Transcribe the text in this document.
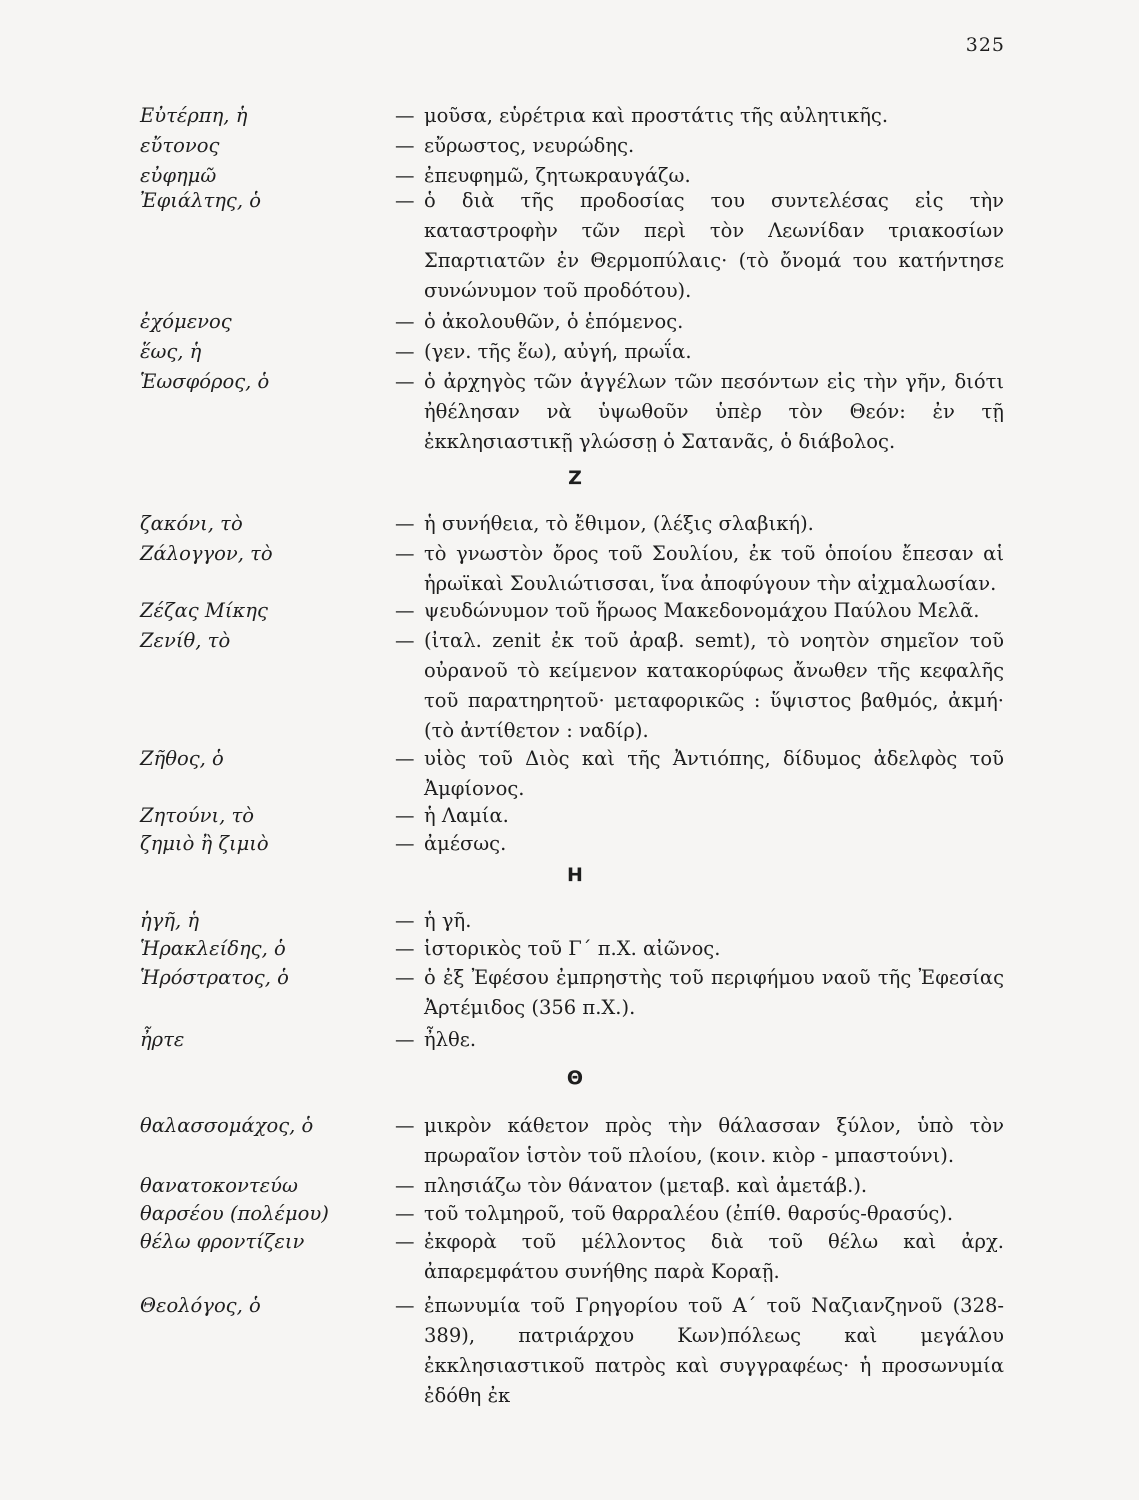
325
Εὐτέρπη, ἡ	— μοῦσα, εὑρέτρια καὶ προστάτις τῆς αὐλητικῆς.
εὔτονος	— εὔρωστος, νευρώδης.
εὐφημῶ	— ἐπευφημῶ, ζητωκραυγάζω.
Ἐφιάλτης, ὁ	— ὁ διὰ τῆς προδοσίας του συντελέσας εἰς τὴν καταστροφὴν τῶν περὶ τὸν Λεωνίδαν τριακοσίων Σπαρτιατῶν ἐν Θερμοπύλαις· (τὸ ὄνομά του κατήντησε συνώνυμον τοῦ προδότου).
ἐχόμενος	— ὁ ἀκολουθῶν, ὁ ἑπόμενος.
ἕως, ἡ	— (γεν. τῆς ἕω), αὐγή, πρωΐα.
Ἑωσφόρος, ὁ	— ὁ ἀρχηγὸς τῶν ἀγγέλων τῶν πεσόντων εἰς τὴν γῆν, διότι ἠθέλησαν νὰ ὑψωθοῦν ὑπὲρ τὸν Θεόν: ἐν τῇ ἐκκλησιαστικῇ γλώσσῃ ὁ Σατανᾶς, ὁ διάβολος.
Ζ
ζακόνι, τὸ	— ἡ συνήθεια, τὸ ἔθιμον, (λέξις σλαβική).
Ζάλογγον, τὸ	— τὸ γνωστὸν ὄρος τοῦ Σουλίου, ἐκ τοῦ ὁποίου ἔπεσαν αἱ ἡρωϊκαὶ Σουλιώτισσαι, ἵνα ἀποφύγουν τὴν αἰχμαλωσίαν.
Ζέζας Μίκης	— ψευδώνυμον τοῦ ἥρωος Μακεδονομάχου Παύλου Μελᾶ.
Ζενίθ, τὸ	— (ἰταλ. zenit ἐκ τοῦ ἀραβ. semt), τὸ νοητὸν σημεῖον τοῦ οὐρανοῦ τὸ κείμενον κατακορύφως ἄνωθεν τῆς κεφαλῆς τοῦ παρατηρητοῦ· μεταφορικῶς : ὕψιστος βαθμός, ἀκμή· (τὸ ἀντίθετον : ναδίρ).
Ζῆθος, ὁ	— υἱὸς τοῦ Διὸς καὶ τῆς Ἀντιόπης, δίδυμος ἀδελφὸς τοῦ Ἀμφίονος.
Ζητούνι, τὸ	— ἡ Λαμία.
ζημιὸ ἢ ζιμιὸ	— ἀμέσως.
Η
ἠγῆ, ἡ	— ἡ γῆ.
Ἡρακλείδης, ὁ	— ἱστορικὸς τοῦ Γ΄ π.Χ. αἰῶνος.
Ἡρόστρατος, ὁ	— ὁ ἐξ Ἐφέσου ἐμπρηστὴς τοῦ περιφήμου ναοῦ τῆς Ἐφεσίας Ἀρτέμιδος (356 π.Χ.).
ἦρτε	— ἦλθε.
Θ
θαλασσομάχος, ὁ	— μικρὸν κάθετον πρὸς τὴν θάλασσαν ξύλον, ὑπὸ τὸν πρωραῖον ἱστὸν τοῦ πλοίου, (κοιν. κιὸρ - μπαστούνι).
θανατοκοντεύω	— πλησιάζω τὸν θάνατον (μεταβ. καὶ ἀμετάβ.).
θαρσέου (πολέμου)	— τοῦ τολμηροῦ, τοῦ θαρραλέου (ἐπίθ. θαρσύς-θρασύς).
θέλω φροντίζειν	— ἐκφορὰ τοῦ μέλλοντος διὰ τοῦ θέλω καὶ ἀρχ. ἀπαρεμφάτου συνήθης παρὰ Κοραῇ.
Θεολόγος, ὁ	— ἐπωνυμία τοῦ Γρηγορίου τοῦ Α΄ τοῦ Ναζιανζηνοῦ (328-389), πατριάρχου Κων)πόλεως καὶ μεγάλου ἐκκλησιαστικοῦ πατρὸς καὶ συγγραφέως· ἡ προσωνυμία ἐδόθη ἐκ
